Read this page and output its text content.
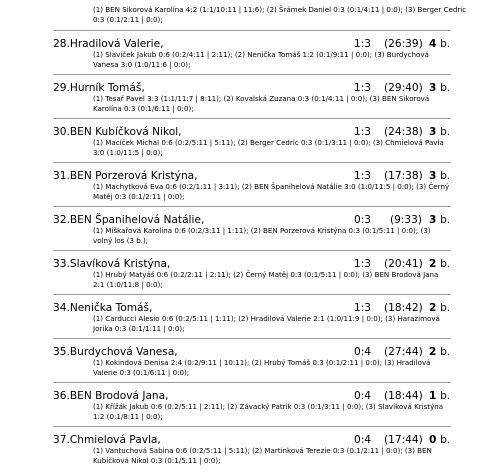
(1) BEN Sikorová Karolína 4:2 (1:1/10:11 | 11:6); (2) Šrámek Daniel 0:3 (0:1/4:11 | 0:0); (3) Berger Cedric 0:3 (0:1/2:11 | 0:0);
28.Hradilová Valerie,	1:3 (26:39) 4 b.
(1) Slavíček Jakub 0:6 (0:2/4:11 | 2:11); (2) Nenička Tomáš 1:2 (0:1/9:11 | 0:0); (3) Burdychová Vanesa 3:0 (1:0/11:6 | 0:0);
29.Hurník Tomáš,	1:3 (29:40) 3 b.
(1) Tesař Pavel 3:3 (1:1/11:7 | 8:11); (2) Kovalská Zuzana 0:3 (0:1/4:11 | 0:0); (3) BEN Sikorová Karolína 0:3 (0:1/6:11 | 0:0);
30.BEN Kubíčková Nikol,	1:3 (24:38) 3 b.
(1) Macíček Michal 0:6 (0:2/5:11 | 5:11); (2) Berger Cedric 0:3 (0:1/3:11 | 0:0); (3) Chmielová Pavla 3:0 (1:0/11:5 | 0:0);
31.BEN Porzerová Kristýna,	1:3 (17:38) 3 b.
(1) Machytková Eva 0:6 (0:2/1:11 | 3:11); (2) BEN Španihelová Natálie 3:0 (1:0/11:5 | 0:0); (3) Černý Matěj 0:3 (0:1/2:11 | 0:0);
32.BEN Španihelová Natálie,	0:3	(9:33) 3 b.
(1) Miškařová Karolína 0:6 (0:2/3:11 | 1:11); (2) BEN Porzerová Kristýna 0:3 (0:1/5:11 | 0:0); (3) volný los (3 b.);
33.Slavíková Kristýna,	1:3 (20:41) 2 b.
(1) Hrubý Matyáš 0:6 (0:2/2:11 | 2:11); (2) Černý Matěj 0:3 (0:1/5:11 | 0:0); (3) BEN Brodová Jana 2:1 (1:0/11:8 | 0:0);
34.Nenička Tomáš,	1:3 (18:42) 2 b.
(1) Carducci Alesio 0:6 (0:2/5:11 | 1:11); (2) Hradilová Valerie 2:1 (1:0/11:9 | 0:0); (3) Harazimová Jorika 0:3 (0:1/1:11 | 0:0);
35.Burdychová Vanesa,	0:4 (27:44) 2 b.
(1) Kokindová Denisa 2:4 (0:2/9:11 | 10:11); (2) Hrubý Tomáš 0:3 (0:1/2:11 | 0:0); (3) Hradilová Valerie 0:3 (0:1/6:11 | 0:0);
36.BEN Brodová Jana,	0:4 (18:44) 1 b.
(1) Křížák Jakub 0:6 (0:2/5:11 | 2:11); (2) Závacký Patrik 0:3 (0:1/3:11 | 0:0); (3) Slavíková Kristýna 1:2 (0:1/8:11 | 0:0);
37.Chmielová Pavla,	0:4 (17:44) 0 b.
(1) Vantuchová Sabina 0:6 (0:2/5:11 | 5:11); (2) Martinková Terezie 0:3 (0:1/2:11 | 0:0); (3) BEN Kubíčková Nikol 0:3 (0:1/5:11 | 0:0);
